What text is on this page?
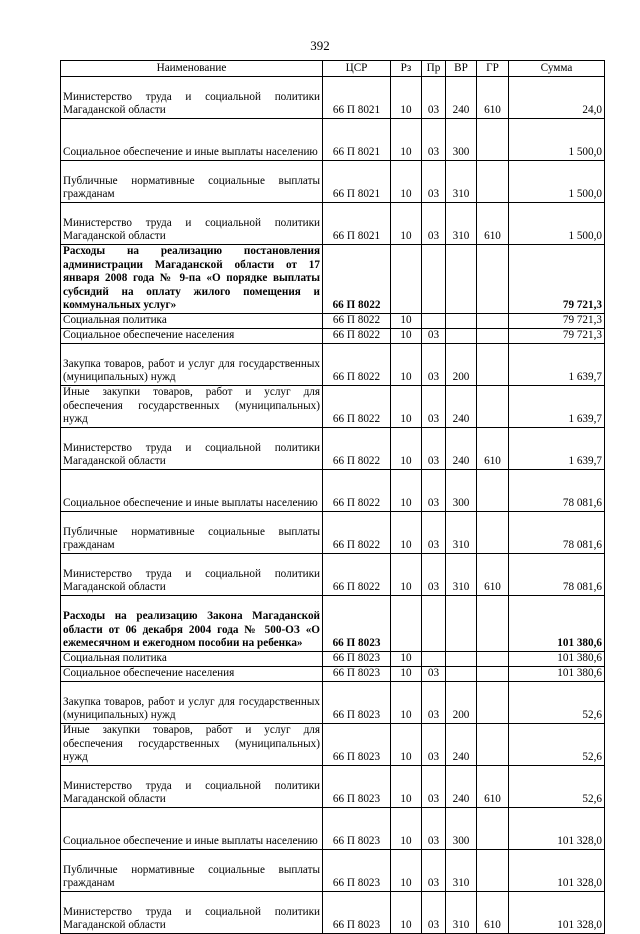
392
Наименование	ЦСР	Рз	Пр	ВР	ГР	Сумма
Министерство труда и социальной политики Магаданской области	66 П 8021	10	03	240	610	24,0
Социальное обеспечение и иные выплаты населению	66 П 8021	10	03	300		1 500,0
Публичные нормативные социальные выплаты гражданам	66 П 8021	10	03	310		1 500,0
Министерство труда и социальной политики Магаданской области	66 П 8021	10	03	310	610	1 500,0
Расходы на реализацию постановления администрации Магаданской области от 17 января 2008 года № 9-па «О порядке выплаты субсидий на оплату жилого помещения и коммунальных услуг»	66 П 8022					79 721,3
Социальная политика	66 П 8022	10				79 721,3
Социальное обеспечение населения	66 П 8022	10	03			79 721,3
Закупка товаров, работ и услуг для государственных (муниципальных) нужд	66 П 8022	10	03	200		1 639,7
Иные закупки товаров, работ и услуг для обеспечения государственных (муниципальных) нужд	66 П 8022	10	03	240		1 639,7
Министерство труда и социальной политики Магаданской области	66 П 8022	10	03	240	610	1 639,7
Социальное обеспечение и иные выплаты населению	66 П 8022	10	03	300		78 081,6
Публичные нормативные социальные выплаты гражданам	66 П 8022	10	03	310		78 081,6
Министерство труда и социальной политики Магаданской области	66 П 8022	10	03	310	610	78 081,6
Расходы на реализацию Закона Магаданской области от 06 декабря 2004 года № 500-ОЗ «О ежемесячном и ежегодном пособии на ребенка»	66 П 8023					101 380,6
Социальная политика	66 П 8023	10				101 380,6
Социальное обеспечение населения	66 П 8023	10	03			101 380,6
Закупка товаров, работ и услуг для государственных (муниципальных) нужд	66 П 8023	10	03	200		52,6
Иные закупки товаров, работ и услуг для обеспечения государственных (муниципальных) нужд	66 П 8023	10	03	240		52,6
Министерство труда и социальной политики Магаданской области	66 П 8023	10	03	240	610	52,6
Социальное обеспечение и иные выплаты населению	66 П 8023	10	03	300		101 328,0
Публичные нормативные социальные выплаты гражданам	66 П 8023	10	03	310		101 328,0
Министерство труда и социальной политики Магаданской области	66 П 8023	10	03	310	610	101 328,0
